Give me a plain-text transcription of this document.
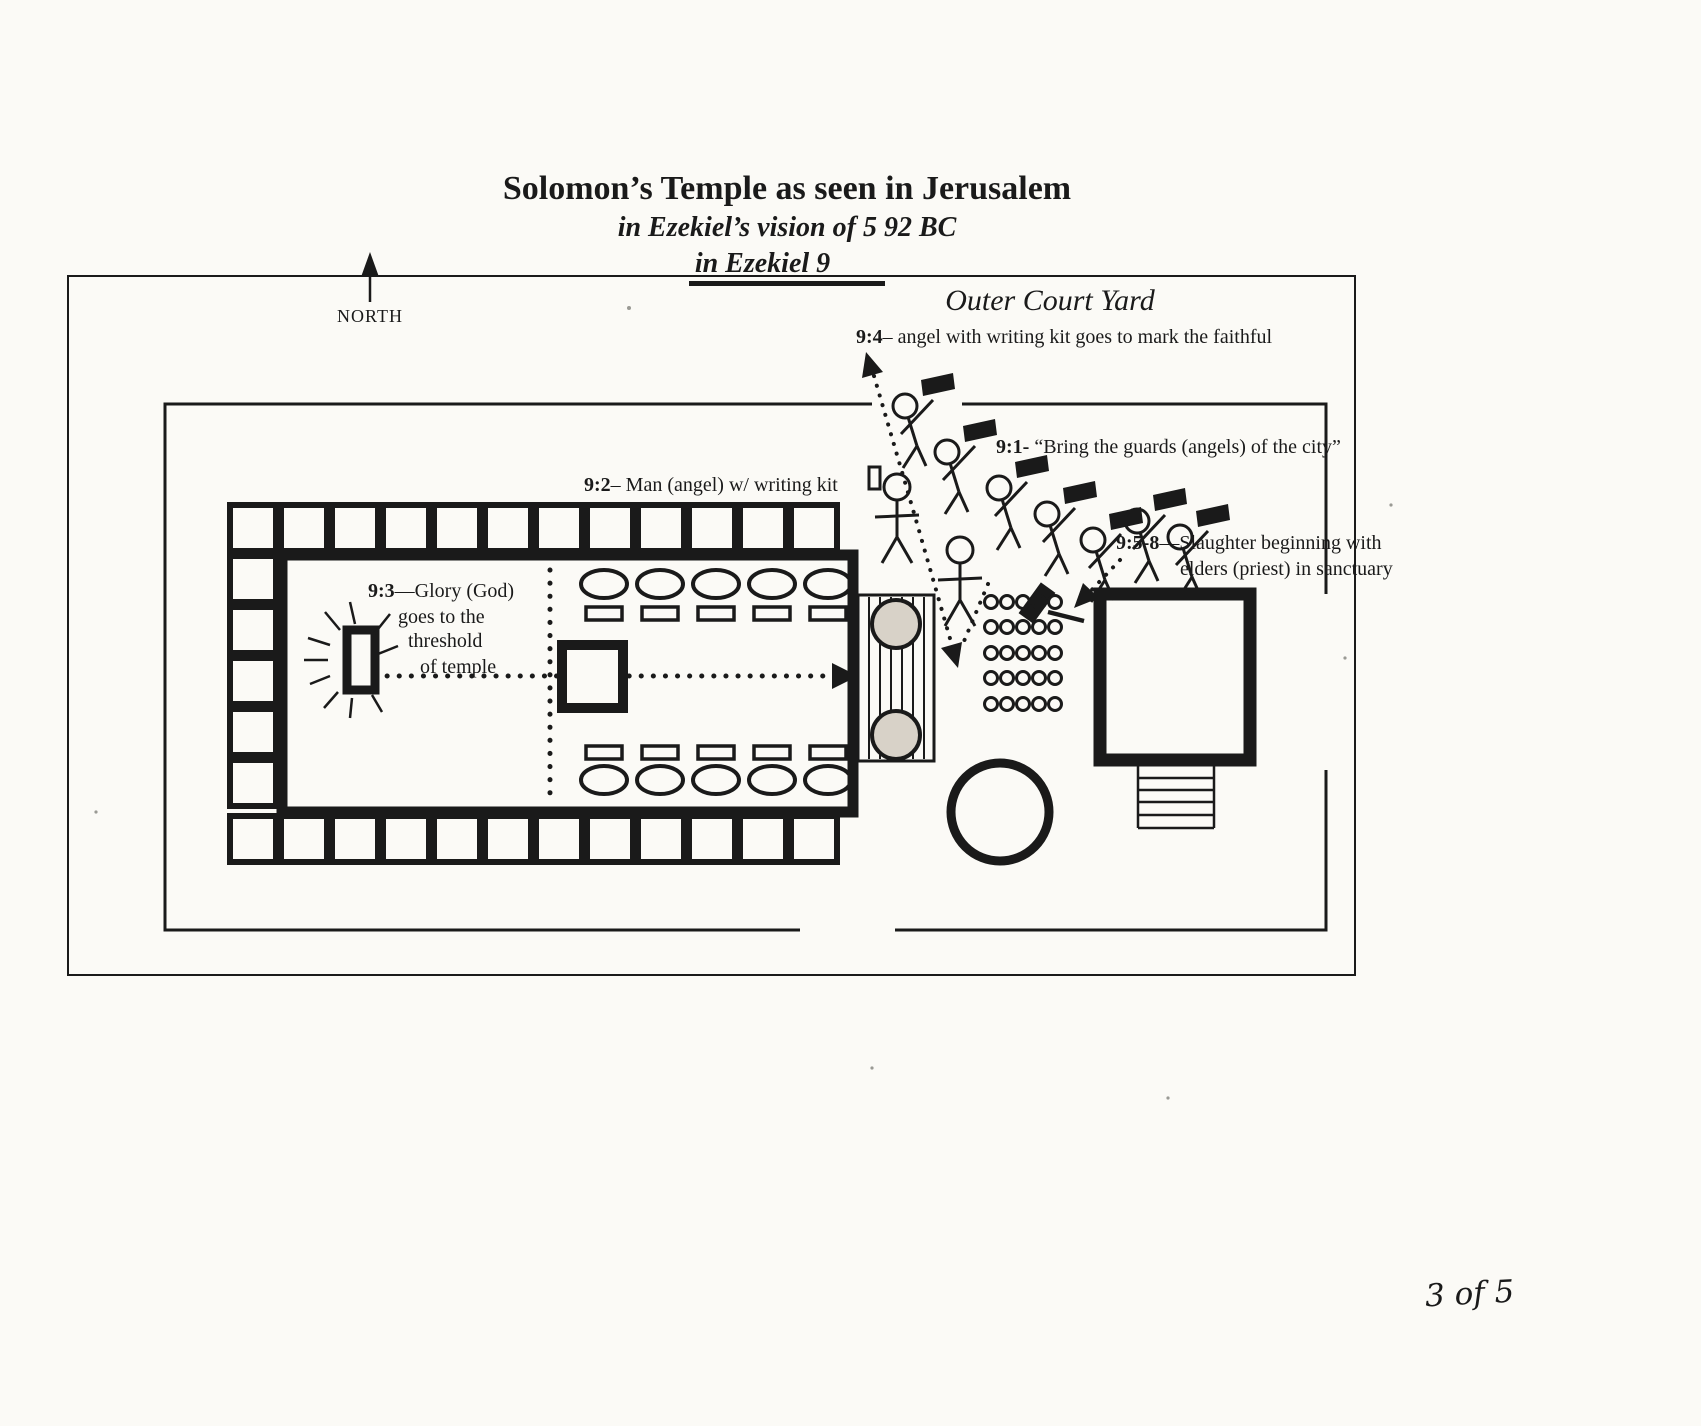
Solomon’s Temple as seen in Jerusalem
in Ezekiel’s vision of 5 92 BC
in Ezekiel 9
NORTH	Outer Court Yard
9:4– angel with writing kit goes to mark the faithful
9:1- “Bring the guards (angels) of the city”
9:2– Man (angel) w/ writing kit
9:3—Glory (God)
goes to the
threshold
of temple
9:5-8—Slaughter beginning with
elders (priest) in sanctuary
3 of 5
